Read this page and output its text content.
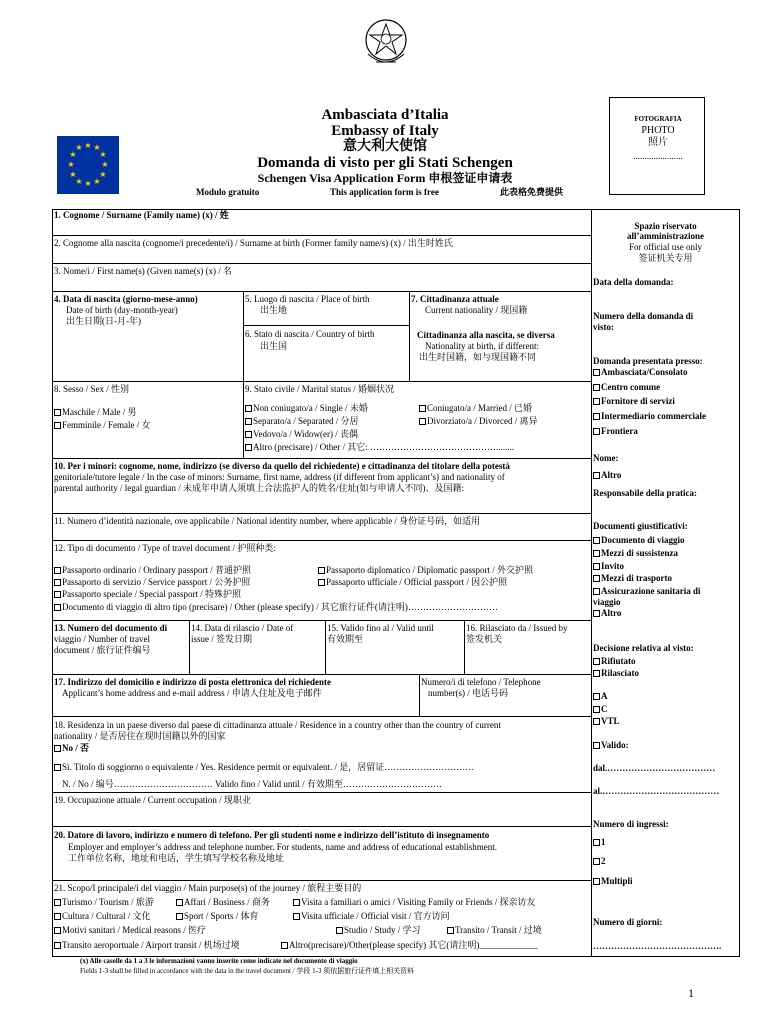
★ ★
★
★
★
★
★
★
★
★
★
★
Ambasciata d’Italia
Embassy of Italy
意大利大使馆
Domanda di visto per gli Stati Schengen
Schengen Visa Application Form 申根签证申请表
Modulo gratuito	This application form is free	此表格免费提供
FOTOGRAFIA
PHOTO
照片
......................
1. Cognome / Surname (Family name) (x) / 姓
2. Cognome alla nascita (cognome/i precedente/i) / Surname at birth (Former family name/s) (x) / 出生时姓氏
3. Nome/i / First name(s) (Given name(s) (x) / 名
4. Data di nascita (giorno-mese-anno)
Date of birth (day-month-year)
出生日期(日-月-年)
5. Luogo di nascita / Place of birth
出生地
6. Stato di nascita / Country of birth
出生国
7. Cittadinanza attuale
Current nationality / 现国籍
Cittadinanza alla nascita, se diversa
Nationality at birth, if different:
出生时国籍，如与现国籍不同
8. Sesso / Sex / 性别
Maschile / Male / 男
Femminile / Female / 女
9. Stato civile / Marital status / 婚姻状况
Non coniugato/a / Single / 未婚	Coniugato/a / Married / 已婚
Separato/a / Separated / 分居	Divorziato/a / Divorced / 离异
Vedovo/a / Widow(er) / 丧偶
Altro (precisare) / Other / 其它: ……………………………………........
10. Per i minori: cognome, nome, indirizzo (se diverso da quello del richiedente) e cittadinanza del titolare della potestà
genitoriale/tutore legale / In the case of minors: Surname, first name, address (if different from applicant’s) and nationality of
parental authority / legal guardian / 未成年申请人须填上合法监护人的姓名/住址(如与申请人不同)、及国籍:
11. Numero d’identità nazionale, ove applicabile / National identity number, where applicable / 身份证号码，如适用
12. Tipo di documento / Type of travel document / 护照种类:
Passaporto ordinario / Ordinary passport / 普通护照	Passaporto diplomatico / Diplomatic passport / 外交护照
Passaporto di servizio / Service passport / 公务护照	Passaporto ufficiale / Official passport / 因公护照
Passaporto speciale / Special passport / 特殊护照
Documento di viaggio di altro tipo (precisare) / Other (please specify) / 其它旅行证件(请注明)…………………………
13. Numero del documento di
viaggio / Number of travel
document / 旅行证件编号
14. Data di rilascio / Date of
issue / 签发日期
15. Valido fino al / Valid until
有效期至
16. Rilasciato da / Issued by
签发机关
17. Indirizzo del domicilio e indirizzo di posta elettronica del richiedente
Applicant’s home address and e-mail address / 申请人住址及电子邮件
Numero/i di telefono / Telephone
number(s) / 电话号码
18. Residenza in un paese diverso dal paese di cittadinanza attuale / Residence in a country other than the country of current
nationality / 是否居住在现时国籍以外的国家
No / 否
Sì. Titolo di soggiorno o equivalente / Yes. Residence permit or equivalent. / 是，居留证…………………………
N. / No / 编号…………………………… Valido fino / Valid until / 有效期至……………………………
19. Occupazione attuale / Current occupation / 现职业
20. Datore di lavoro, indirizzo e numero di telefono. Per gli studenti nome e indirizzo dell’istituto di insegnamento
Employer and employer’s address and telephone number. For students, name and address of educational establishment.
工作单位名称，地址和电话，学生填写学校名称及地址
21. Scopo/I principale/i del viaggio / Main purpose(s) of the journey / 旅程主要目的
Turismo / Tourism / 旅游	Affari / Business / 商务	Visita a familiari o amici / Visiting Family or Friends / 探亲访友
Cultura / Cultural / 文化	Sport / Sports / 体育	Visita ufficiale / Official visit / 官方访问
Motivi sanitari / Medical reasons / 医疗	Studio / Study / 学习	Transito / Transit / 过境
Transito aeroportuale / Airport transit / 机场过境	Altro(precisare)/Other(please specify) 其它(请注明)_____________
(x) Alle caselle da 1 a 3 le informazioni vanno inserite come indicate nel documento di viaggio
Fields 1-3 shall be filled in accordance with the data in the travel document / 学段 1-3 须依据旅行证件填上相关资料
Spazio riservato
all’amministrazione
For official use only
签证机关专用
Data della domanda:
Numero della domanda di
visto:
Domanda presentata presso:
Ambasciata/Consolato
Centro comune
Fornitore di servizi
Intermediario commerciale
Frontiera
Nome:
Altro
Responsabile della pratica:
Documenti giustificativi:
Documento di viaggio
Mezzi di sussistenza
Invito
Mezzi di trasporto
Assicurazione sanitaria di
viaggio
Altro
Decisione relativa al visto:
Rifiutato
Rilasciato
A
C
VTL
Valido:
dal.………………………………
al.…………………………………
Numero di ingressi:
1
2
Multipli
Numero di giorni:
…………………………………….
1
